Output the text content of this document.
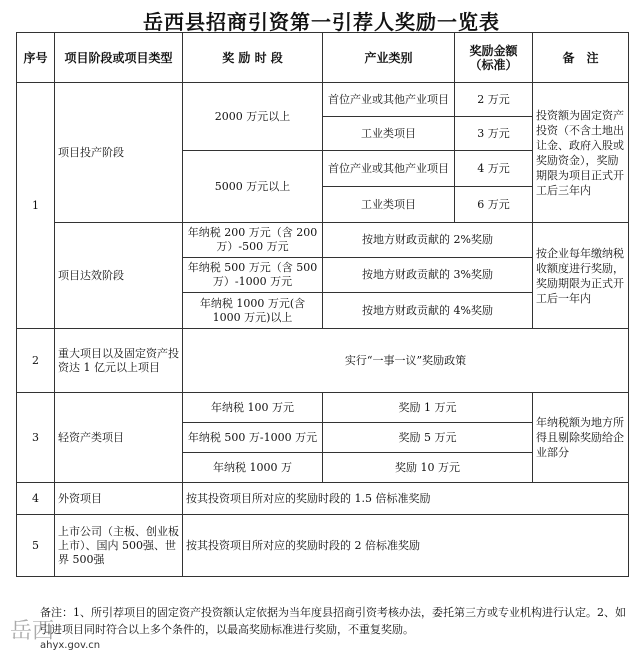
岳西县招商引资第一引荐人奖励一览表
序号	项目阶段或项目类型	奖 励 时 段	产业类别	奖励金额（标准）	备　注
1	项目投产阶段	2000 万元以上	首位产业或其他产业项目	2 万元	投资额为固定资产投资（不含土地出让金、政府入股或奖励资金），奖励期限为项目正式开工后三年内
			工业类项目	3 万元	
		5000 万元以上	首位产业或其他产业项目	4 万元	
			工业类项目	6 万元	
	项目达效阶段	年纳税 200 万元（含 200 万）-500 万元	按地方财政贡献的 2%奖励		按企业每年缴纳税收额度进行奖励，奖励期限为正式开工后一年内
		年纳税 500 万元（含 500 万）-1000 万元	按地方财政贡献的 3%奖励		
		年纳税 1000 万元(含 1000 万元)以上	按地方财政贡献的 4%奖励		
2	重大项目以及固定资产投资达 1 亿元以上项目	实行“一事一议”奖励政策			
3	轻资产类项目	年纳税 100 万元	奖励 1 万元		年纳税额为地方所得且剔除奖励给企业部分
		年纳税 500 万-1000 万元	奖励 5 万元		
		年纳税 1000 万	奖励 10 万元		
4	外资项目	按其投资项目所对应的奖励时段的 1.5 倍标准奖励			
5	上市公司（主板、创业板上市）、国内 500强、世界 500强	按其投资项目所对应的奖励时段的 2 倍标准奖励			
备注：1、所引荐项目的固定资产投资额认定依据为当年度县招商引资考核办法，委托第三方或专业机构进行认定。2、如引进项目同时符合以上多个条件的，以最高奖励标准进行奖励，不重复奖励。
岳西
ahyx.gov.cn
